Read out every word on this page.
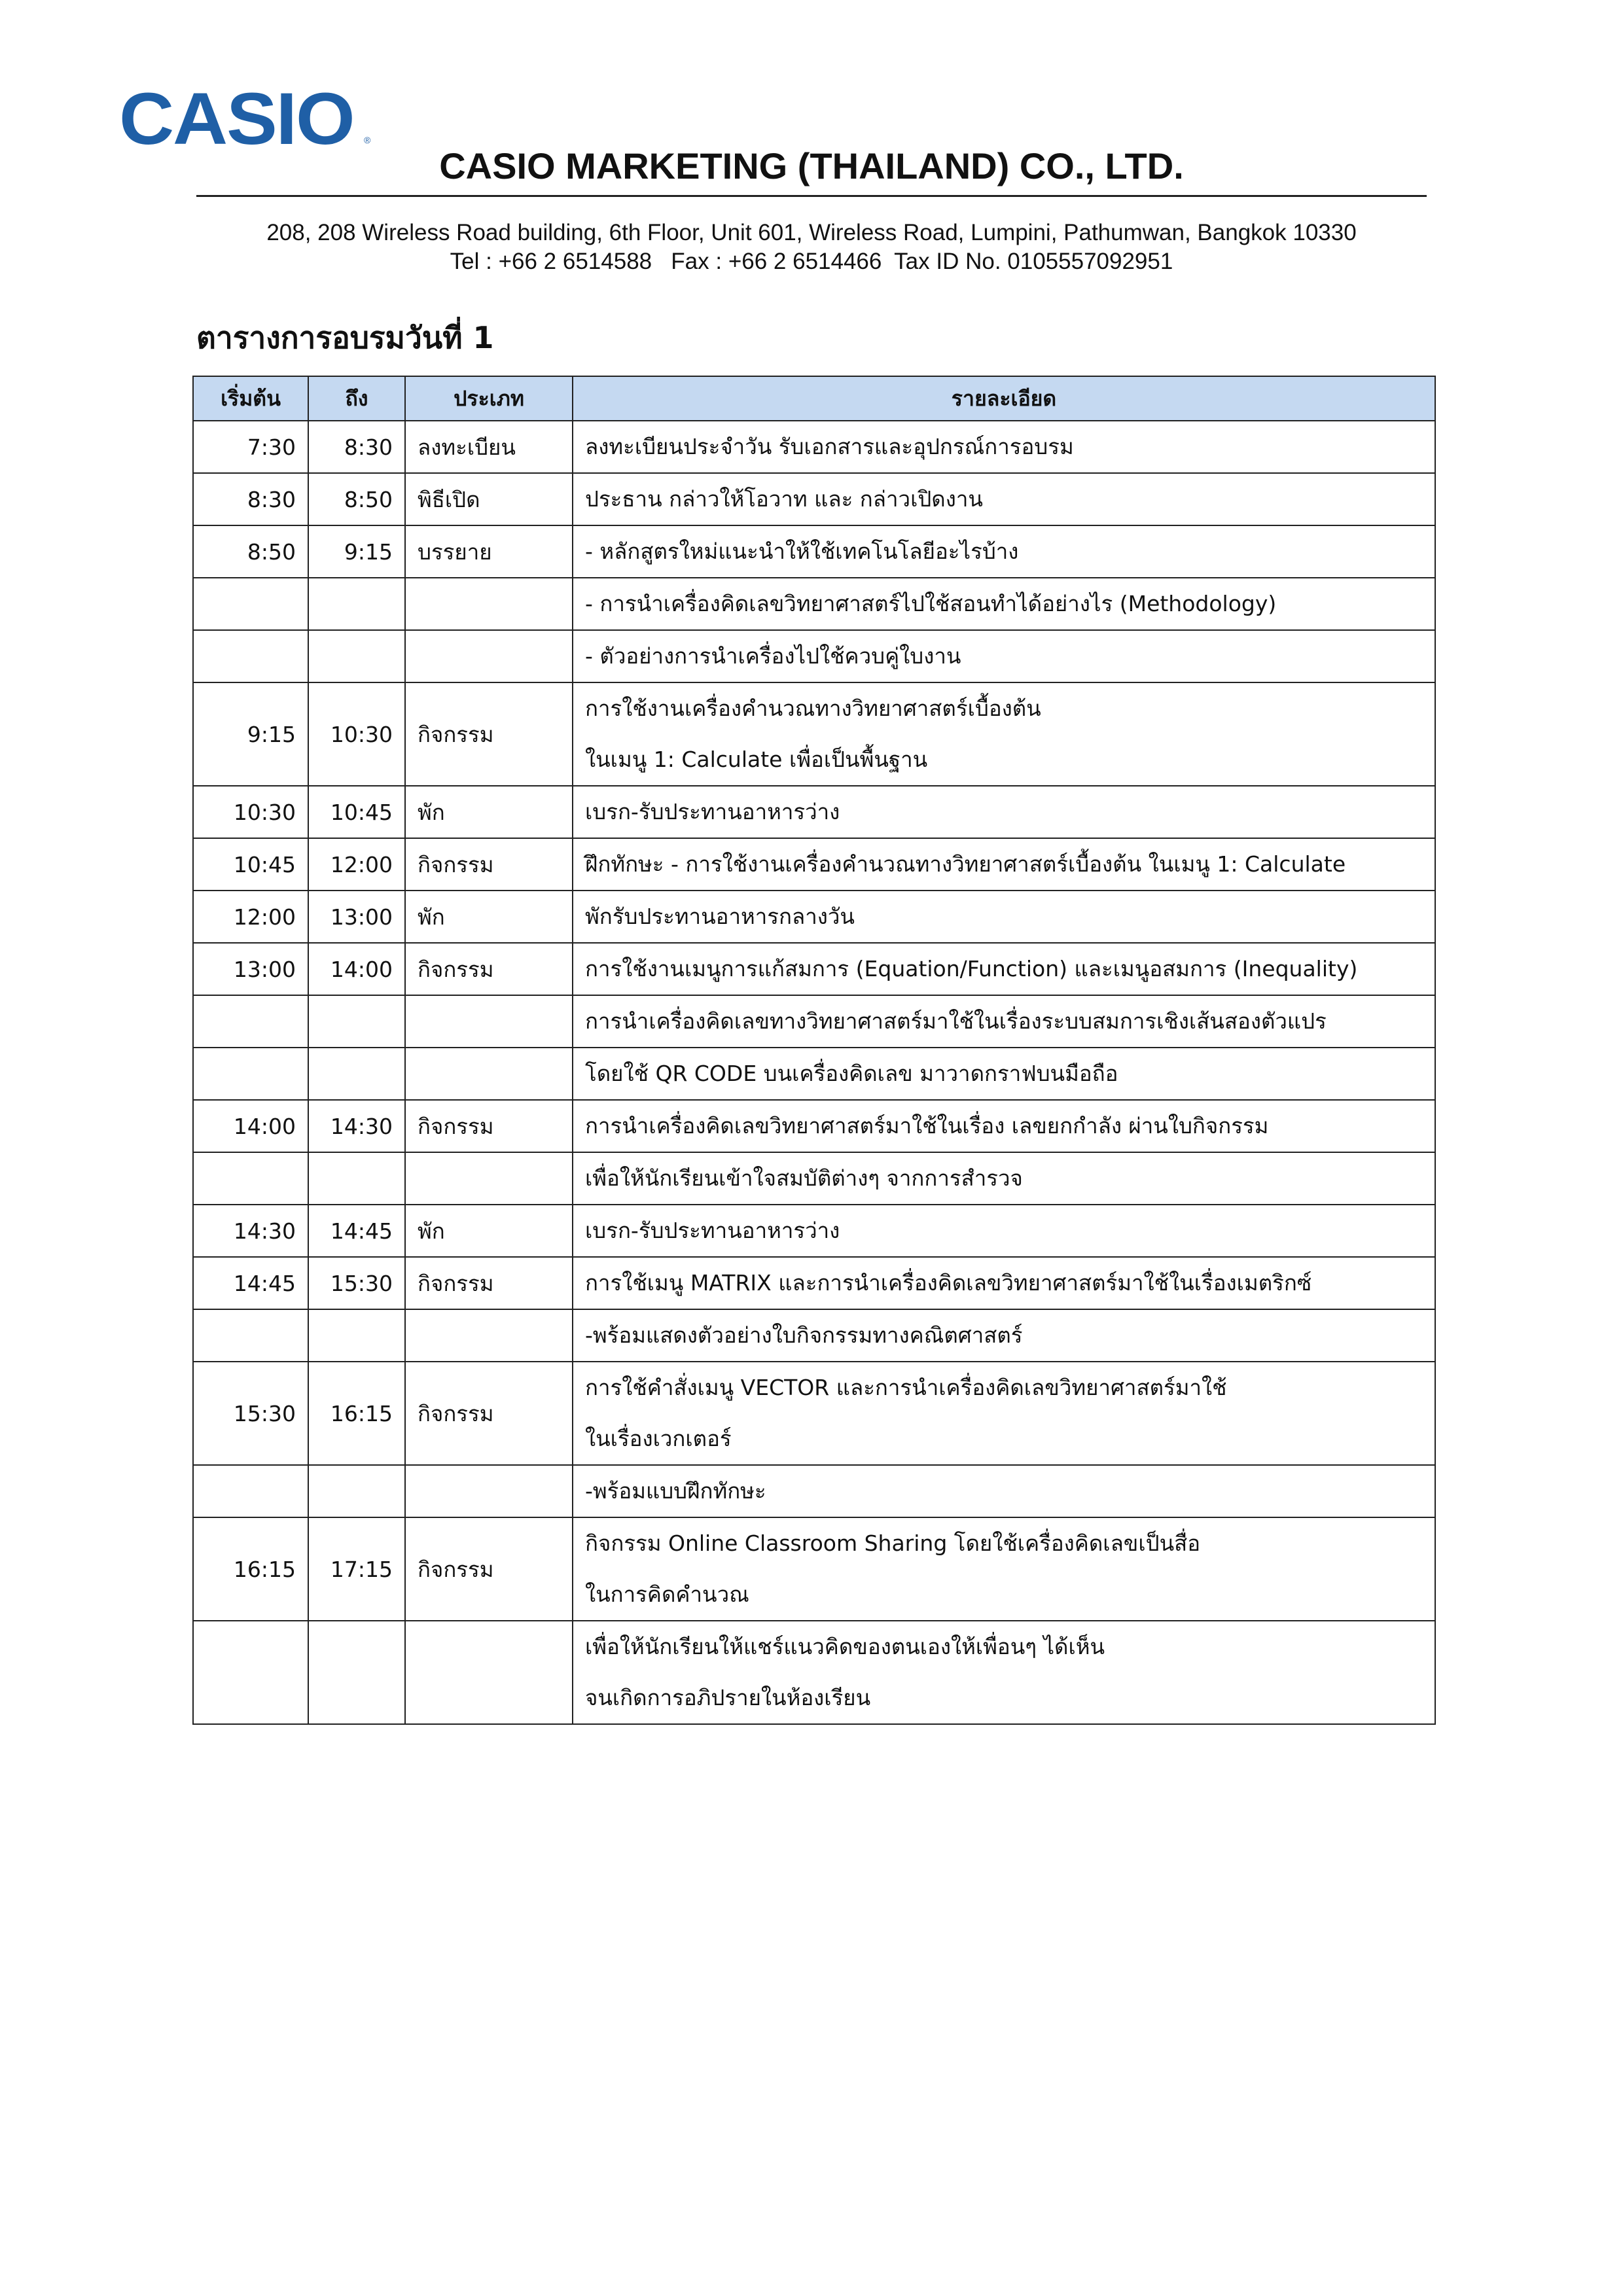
CASIO ®
CASIO MARKETING (THAILAND) CO., LTD.
208, 208 Wireless Road building, 6th Floor, Unit 601, Wireless Road, Lumpini, Pathumwan, Bangkok 10330
Tel : +66 2 6514588   Fax : +66 2 6514466  Tax ID No. 0105557092951
ตารางการอบรมวันที่ 1
เริ่มต้น	ถึง	ประเภท	รายละเอียด
7:30	8:30	ลงทะเบียน	ลงทะเบียนประจำวัน รับเอกสารและอุปกรณ์การอบรม

8:30	8:50	พิธีเปิด	ประธาน กล่าวให้โอวาท และ กล่าวเปิดงาน

8:50	9:15	บรรยาย	- หลักสูตรใหม่แนะนำให้ใช้เทคโนโลยีอะไรบ้าง

			- การนำเครื่องคิดเลขวิทยาศาสตร์ไปใช้สอนทำได้อย่างไร (Methodology)

			- ตัวอย่างการนำเครื่องไปใช้ควบคู่ใบงาน

9:15	10:30	กิจกรรม	การใช้งานเครื่องคำนวณทางวิทยาศาสตร์เบื้องต้น
ในเมนู 1: Calculate เพื่อเป็นพื้นฐาน

10:30	10:45	พัก	เบรก-รับประทานอาหารว่าง

10:45	12:00	กิจกรรม	ฝึกทักษะ - การใช้งานเครื่องคำนวณทางวิทยาศาสตร์เบื้องต้น ในเมนู 1: Calculate

12:00	13:00	พัก	พักรับประทานอาหารกลางวัน

13:00	14:00	กิจกรรม	การใช้งานเมนูการแก้สมการ (Equation/Function) และเมนูอสมการ (Inequality)

			การนำเครื่องคิดเลขทางวิทยาศาสตร์มาใช้ในเรื่องระบบสมการเชิงเส้นสองตัวแปร

			โดยใช้ QR CODE บนเครื่องคิดเลข มาวาดกราฟบนมือถือ

14:00	14:30	กิจกรรม	การนำเครื่องคิดเลขวิทยาศาสตร์มาใช้ในเรื่อง เลขยกกำลัง ผ่านใบกิจกรรม

			เพื่อให้นักเรียนเข้าใจสมบัติต่างๆ จากการสำรวจ

14:30	14:45	พัก	เบรก-รับประทานอาหารว่าง

14:45	15:30	กิจกรรม	การใช้เมนู MATRIX และการนำเครื่องคิดเลขวิทยาศาสตร์มาใช้ในเรื่องเมตริกซ์

			-พร้อมแสดงตัวอย่างใบกิจกรรมทางคณิตศาสตร์

15:30	16:15	กิจกรรม	การใช้คำสั่งเมนู VECTOR และการนำเครื่องคิดเลขวิทยาศาสตร์มาใช้
ในเรื่องเวกเตอร์

			-พร้อมแบบฝึกทักษะ

16:15	17:15	กิจกรรม	กิจกรรม Online Classroom Sharing โดยใช้เครื่องคิดเลขเป็นสื่อ
ในการคิดคำนวณ

			เพื่อให้นักเรียนให้แชร์แนวคิดของตนเองให้เพื่อนๆ ได้เห็น
จนเกิดการอภิปรายในห้องเรียน
